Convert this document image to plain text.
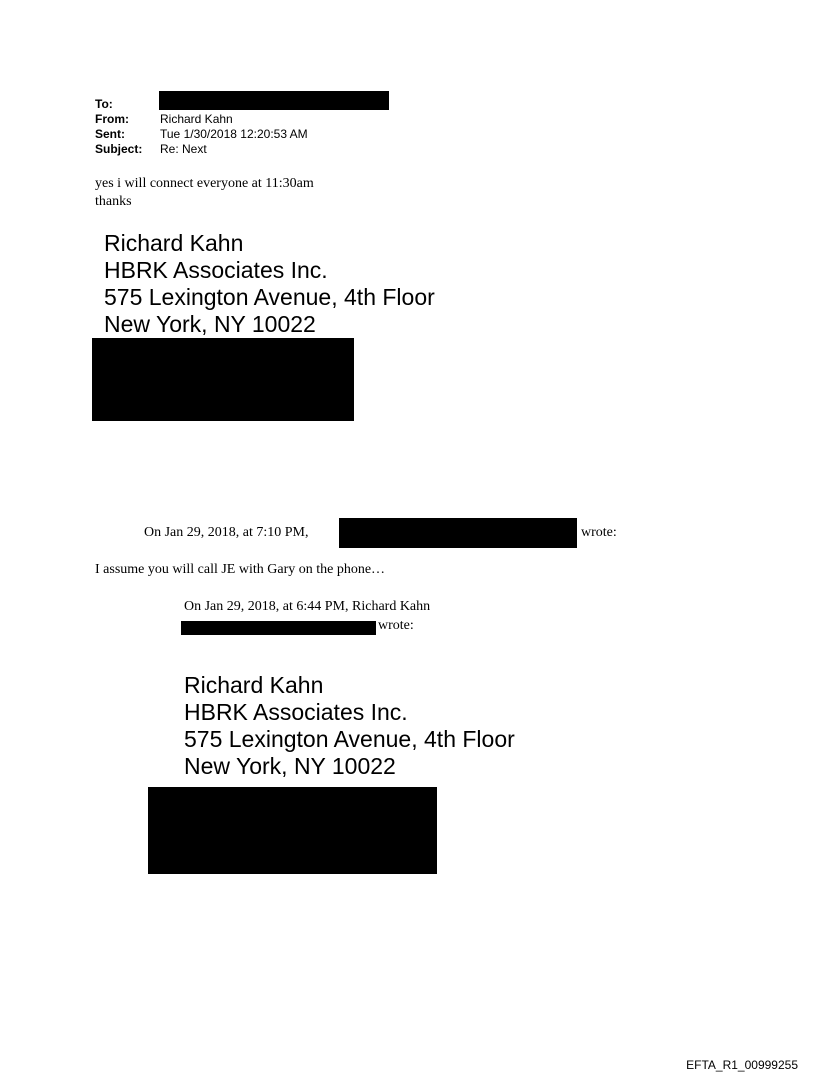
To:
From:	Richard Kahn
Sent:	Tue 1/30/2018 12:20:53 AM
Subject: Re: Next
yes i will connect everyone at 11:30am
thanks
Richard Kahn
HBRK Associates Inc.
575 Lexington Avenue, 4th Floor
New York, NY 10022
On Jan 29, 2018, at 7:10 PM,	wrote:
I assume you will call JE with Gary on the phone…
On Jan 29, 2018, at 6:44 PM, Richard Kahn
wrote:
Richard Kahn
HBRK Associates Inc.
575 Lexington Avenue, 4th Floor
New York, NY 10022
EFTA_R1_00999255
